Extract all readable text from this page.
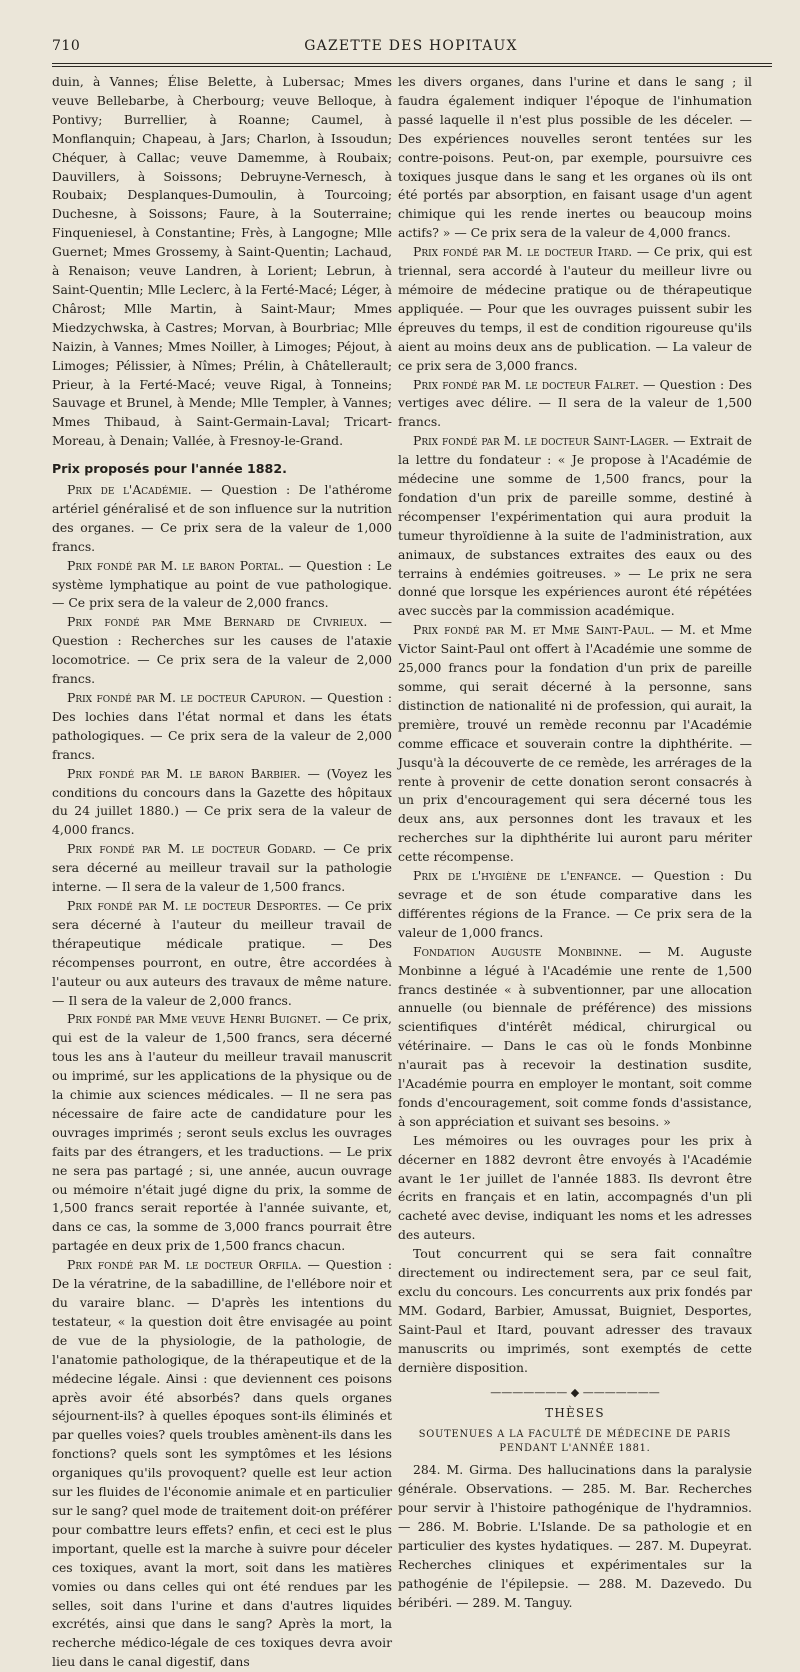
710	GAZETTE DES HOPITAUX

duin, à Vannes; Élise Belette, à Lubersac; Mmes veuve Bellebarbe, à Cherbourg; veuve Belloque, à Pontivy; Burrellier, à Roanne; Caumel, à Monflanquin; Chapeau, à Jars; Charlon, à Issoudun; Chéquer, à Callac; veuve Damemme, à Roubaix; Dauvillers, à Soissons; Debruyne-Vernesch, à Roubaix; Desplanques-Dumoulin, à Tourcoing; Duchesne, à Soissons; Faure, à la Souterraine; Finqueniesel, à Constantine; Frès, à Langogne; Mlle Guernet; Mmes Grossemy, à Saint-Quentin; Lachaud, à Renaison; veuve Landren, à Lorient; Lebrun, à Saint-Quentin; Mlle Leclerc, à la Ferté-Macé; Léger, à Chârost; Mlle Martin, à Saint-Maur; Mmes Miedzychwska, à Castres; Morvan, à Bourbriac; Mlle Naizin, à Vannes; Mmes Noiller, à Limoges; Péjout, à Limoges; Pélissier, à Nîmes; Prélin, à Châtellerault; Prieur, à la Ferté-Macé; veuve Rigal, à Tonneins; Sauvage et Brunel, à Mende; Mlle Templer, à Vannes; Mmes Thibaud, à Saint-Germain-Laval; Tricart-Moreau, à Denain; Vallée, à Fresnoy-le-Grand.

Prix proposés pour l'année 1882.

Prix de l'Académie. — Question : De l'athérome artériel généralisé et de son influence sur la nutrition des organes. — Ce prix sera de la valeur de 1,000 francs.

Prix fondé par M. le baron Portal. — Question : Le système lymphatique au point de vue pathologique. — Ce prix sera de la valeur de 2,000 francs.

Prix fondé par Mme Bernard de Civrieux. — Question : Recherches sur les causes de l'ataxie locomotrice. — Ce prix sera de la valeur de 2,000 francs.

Prix fondé par M. le docteur Capuron. — Question : Des lochies dans l'état normal et dans les états pathologiques. — Ce prix sera de la valeur de 2,000 francs.

Prix fondé par M. le baron Barbier. — (Voyez les conditions du concours dans la Gazette des hôpitaux du 24 juillet 1880.) — Ce prix sera de la valeur de 4,000 francs.

Prix fondé par M. le docteur Godard. — Ce prix sera décerné au meilleur travail sur la pathologie interne. — Il sera de la valeur de 1,500 francs.

Prix fondé par M. le docteur Desportes. — Ce prix sera décerné à l'auteur du meilleur travail de thérapeutique médicale pratique. — Des récompenses pourront, en outre, être accordées à l'auteur ou aux auteurs des travaux de même nature. — Il sera de la valeur de 2,000 francs.

Prix fondé par Mme veuve Henri Buignet. — Ce prix, qui est de la valeur de 1,500 francs, sera décerné tous les ans à l'auteur du meilleur travail manuscrit ou imprimé, sur les applications de la physique ou de la chimie aux sciences médicales. — Il ne sera pas nécessaire de faire acte de candidature pour les ouvrages imprimés ; seront seuls exclus les ouvrages faits par des étrangers, et les traductions. — Le prix ne sera pas partagé ; si, une année, aucun ouvrage ou mémoire n'était jugé digne du prix, la somme de 1,500 francs serait reportée à l'année suivante, et, dans ce cas, la somme de 3,000 francs pourrait être partagée en deux prix de 1,500 francs chacun.

Prix fondé par M. le docteur Orfila. — Question : De la vératrine, de la sabadilline, de l'ellébore noir et du varaire blanc. — D'après les intentions du testateur, « la question doit être envisagée au point de vue de la physiologie, de la pathologie, de l'anatomie pathologique, de la thérapeutique et de la médecine légale. Ainsi : que deviennent ces poisons après avoir été absorbés? dans quels organes séjournent-ils? à quelles époques sont-ils éliminés et par quelles voies? quels troubles amènent-ils dans les fonctions? quels sont les symptômes et les lésions organiques qu'ils provoquent? quelle est leur action sur les fluides de l'économie animale et en particulier sur le sang? quel mode de traitement doit-on préférer pour combattre leurs effets? enfin, et ceci est le plus important, quelle est la marche à suivre pour déceler ces toxiques, avant la mort, soit dans les matières vomies ou dans celles qui ont été rendues par les selles, soit dans l'urine et dans d'autres liquides excrétés, ainsi que dans le sang? Après la mort, la recherche médico-légale de ces toxiques devra avoir lieu dans le canal digestif, dans

les divers organes, dans l'urine et dans le sang ; il faudra également indiquer l'époque de l'inhumation passé laquelle il n'est plus possible de les déceler. — Des expériences nouvelles seront tentées sur les contre-poisons. Peut-on, par exemple, poursuivre ces toxiques jusque dans le sang et les organes où ils ont été portés par absorption, en faisant usage d'un agent chimique qui les rende inertes ou beaucoup moins actifs? » — Ce prix sera de la valeur de 4,000 francs.

Prix fondé par M. le docteur Itard. — Ce prix, qui est triennal, sera accordé à l'auteur du meilleur livre ou mémoire de médecine pratique ou de thérapeutique appliquée. — Pour que les ouvrages puissent subir les épreuves du temps, il est de condition rigoureuse qu'ils aient au moins deux ans de publication. — La valeur de ce prix sera de 3,000 francs.

Prix fondé par M. le docteur Falret. — Question : Des vertiges avec délire. — Il sera de la valeur de 1,500 francs.

Prix fondé par M. le docteur Saint-Lager. — Extrait de la lettre du fondateur : « Je propose à l'Académie de médecine une somme de 1,500 francs, pour la fondation d'un prix de pareille somme, destiné à récompenser l'expérimentation qui aura produit la tumeur thyroïdienne à la suite de l'administration, aux animaux, de substances extraites des eaux ou des terrains à endémies goitreuses. » — Le prix ne sera donné que lorsque les expériences auront été répétées avec succès par la commission académique.

Prix fondé par M. et Mme Saint-Paul. — M. et Mme Victor Saint-Paul ont offert à l'Académie une somme de 25,000 francs pour la fondation d'un prix de pareille somme, qui serait décerné à la personne, sans distinction de nationalité ni de profession, qui aurait, la première, trouvé un remède reconnu par l'Académie comme efficace et souverain contre la diphthérite. — Jusqu'à la découverte de ce remède, les arrérages de la rente à provenir de cette donation seront consacrés à un prix d'encouragement qui sera décerné tous les deux ans, aux personnes dont les travaux et les recherches sur la diphthérite lui auront paru mériter cette récompense.

Prix de l'hygiène de l'enfance. — Question : Du sevrage et de son étude comparative dans les différentes régions de la France. — Ce prix sera de la valeur de 1,000 francs.

Fondation Auguste Monbinne. — M. Auguste Monbinne a légué à l'Académie une rente de 1,500 francs destinée « à subventionner, par une allocation annuelle (ou biennale de préférence) des missions scientifiques d'intérêt médical, chirurgical ou vétérinaire. — Dans le cas où le fonds Monbinne n'aurait pas à recevoir la destination susdite, l'Académie pourra en employer le montant, soit comme fonds d'encouragement, soit comme fonds d'assistance, à son appréciation et suivant ses besoins. »

Les mémoires ou les ouvrages pour les prix à décerner en 1882 devront être envoyés à l'Académie avant le 1er juillet de l'année 1883. Ils devront être écrits en français et en latin, accompagnés d'un pli cacheté avec devise, indiquant les noms et les adresses des auteurs.

Tout concurrent qui se sera fait connaître directement ou indirectement sera, par ce seul fait, exclu du concours. Les concurrents aux prix fondés par MM. Godard, Barbier, Amussat, Buigniet, Desportes, Saint-Paul et Itard, pouvant adresser des travaux manuscrits ou imprimés, sont exemptés de cette dernière disposition.

——————— ◆ ———————
THÈSES
SOUTENUES A LA FACULTÉ DE MÉDECINE DE PARIS
PENDANT L'ANNÉE 1881.

284. M. Girma. Des hallucinations dans la paralysie générale. Observations. — 285. M. Bar. Recherches pour servir à l'histoire pathogénique de l'hydramnios. — 286. M. Bobrie. L'Islande. De sa pathologie et en particulier des kystes hydatiques. — 287. M. Dupeyrat. Recherches cliniques et expérimentales sur la pathogénie de l'épilepsie. — 288. M. Dazevedo. Du béribéri. — 289. M. Tanguy.
